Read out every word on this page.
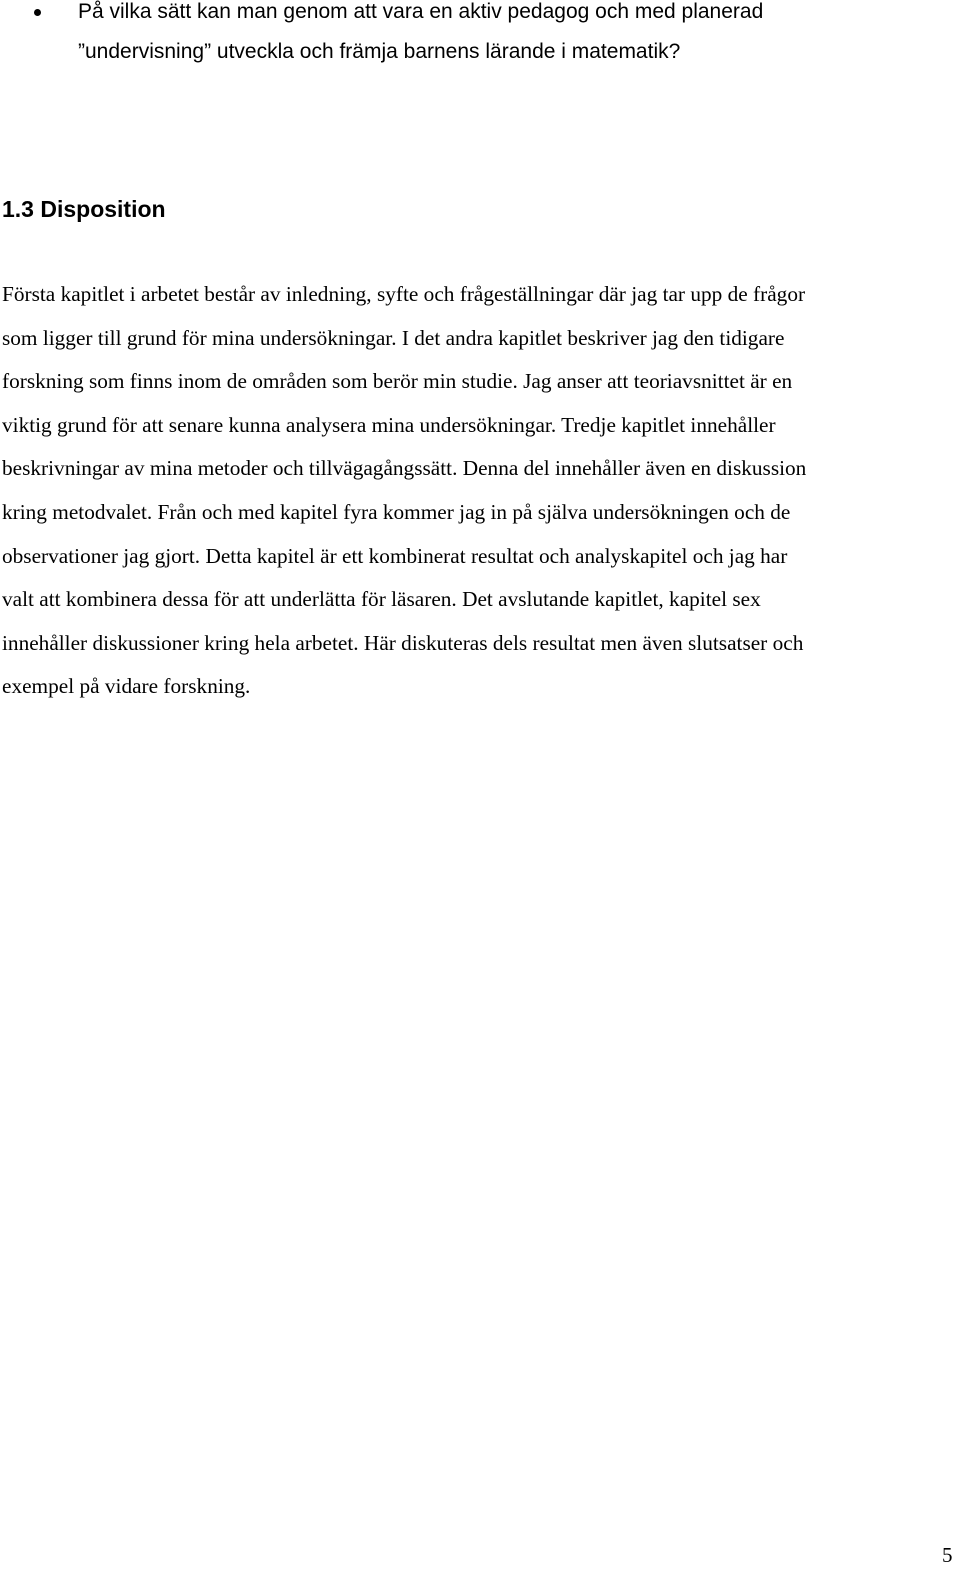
På vilka sätt kan man genom att vara en aktiv pedagog och med planerad
”undervisning” utveckla och främja barnens lärande i matematik?
1.3 Disposition
Första kapitlet i arbetet består av inledning, syfte och frågeställningar där jag tar upp de frågor
som ligger till grund för mina undersökningar. I det andra kapitlet beskriver jag den tidigare
forskning som finns inom de områden som berör min studie. Jag anser att teoriavsnittet är en
viktig grund för att senare kunna analysera mina undersökningar. Tredje kapitlet innehåller
beskrivningar av mina metoder och tillvägagångssätt. Denna del innehåller även en diskussion
kring metodvalet. Från och med kapitel fyra kommer jag in på själva undersökningen och de
observationer jag gjort. Detta kapitel är ett kombinerat resultat och analyskapitel och jag har
valt att kombinera dessa för att underlätta för läsaren. Det avslutande kapitlet, kapitel sex
innehåller diskussioner kring hela arbetet. Här diskuteras dels resultat men även slutsatser och
exempel på vidare forskning.
5
